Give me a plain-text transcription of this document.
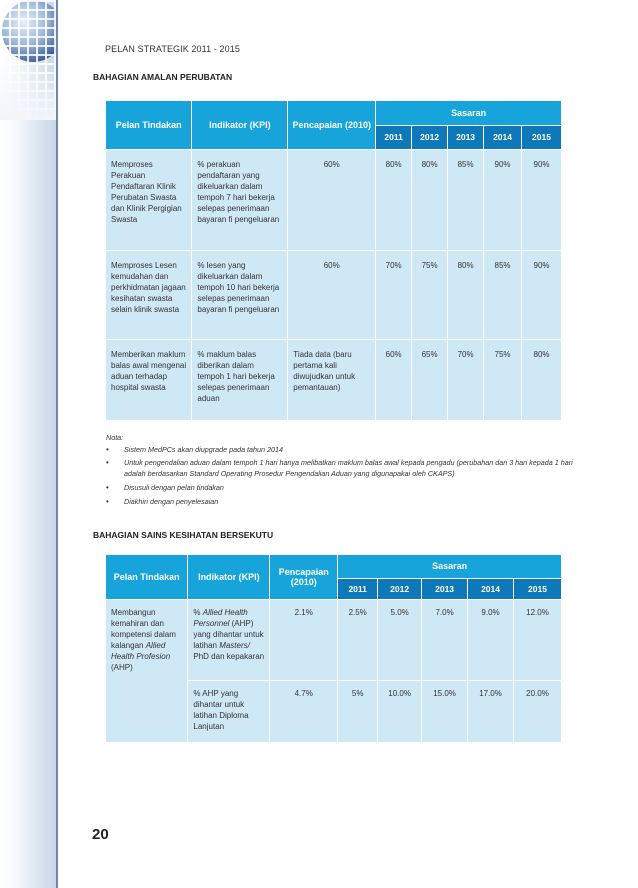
PELAN STRATEGIK 2011 - 2015
BAHAGIAN AMALAN PERUBATAN
Pelan Tindakan	Indikator (KPI)	Pencapaian (2010)	Sasaran				
			2011	2012	2013	2014	2015
Memproses Perakuan Pendaftaran Klinik Perubatan Swasta dan Klinik Pergigian Swasta	% perakuan pendaftaran yang dikeluarkan dalam tempoh 7 hari bekerja selepas penerimaan bayaran fi pengeluaran	60%	80%	80%	85%	90%	90%
Memproses Lesen kemudahan dan perkhidmatan jagaan kesihatan swasta selain klinik swasta	% lesen yang dikeluarkan dalam tempoh 10 hari bekerja selepas penerimaan bayaran fi pengeluaran	60%	70%	75%	80%	85%	90%
Memberikan maklum balas awal mengenai aduan terhadap hospital swasta	% maklum balas diberikan dalam tempoh 1 hari bekerja selepas penerimaan aduan	Tiada data (baru pertama kali diwujudkan untuk pemantauan)	60%	65%	70%	75%	80%
Nota:
• Sistem MedPCs akan diupgrade pada tahun 2014
• Untuk pengendalian aduan dalam tempoh 1 hari hanya melibatkan maklum balas awal kepada pengadu (perubahan dari 3 hari kepada 1 hari adalah berdasarkan Standard Operating Prosedur Pengendalian Aduan yang digunapakai oleh CKAPS)
• Disusuli dengan pelan tindakan
• Diakhiri dengan penyelesaian
BAHAGIAN SAINS KESIHATAN BERSEKUTU
Pelan Tindakan	Indikator (KPI)	Pencapaian (2010)	Sasaran				
			2011	2012	2013	2014	2015
Membangun kemahiran dan kompetensi dalam kalangan Allied Health Profesion (AHP)	% Allied Health Personnel (AHP) yang dihantar untuk latihan Masters/ PhD dan kepakaran	2.1%	2.5%	5.0%	7.0%	9.0%	12.0%
	% AHP yang dihantar untuk latihan Diploma Lanjutan	4.7%	5%	10.0%	15.0%	17.0%	20.0%
20
